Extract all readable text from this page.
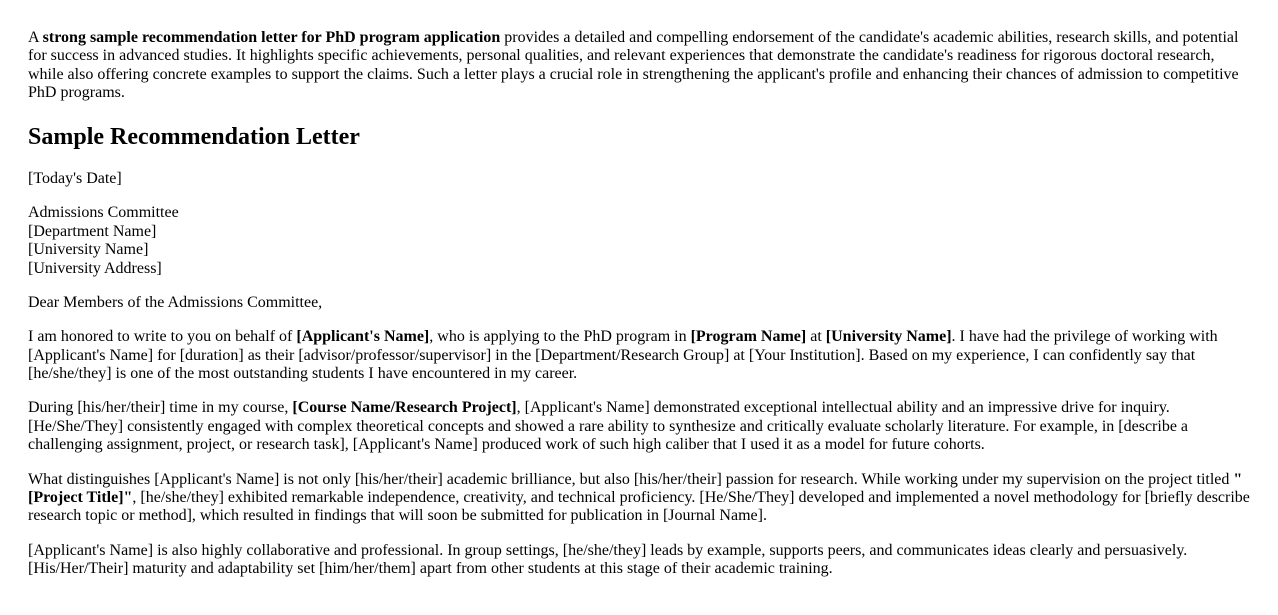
A strong sample recommendation letter for PhD program application provides a detailed and compelling endorsement of the candidate's academic abilities, research skills, and potential for success in advanced studies. It highlights specific achievements, personal qualities, and relevant experiences that demonstrate the candidate's readiness for rigorous doctoral research, while also offering concrete examples to support the claims. Such a letter plays a crucial role in strengthening the applicant's profile and enhancing their chances of admission to competitive PhD programs.

Sample Recommendation Letter

[Today's Date]

Admissions Committee
[Department Name]
[University Name]
[University Address]

Dear Members of the Admissions Committee,

I am honored to write to you on behalf of [Applicant's Name], who is applying to the PhD program in [Program Name] at [University Name]. I have had the privilege of working with [Applicant's Name] for [duration] as their [advisor/professor/supervisor] in the [Department/Research Group] at [Your Institution]. Based on my experience, I can confidently say that [he/she/they] is one of the most outstanding students I have encountered in my career.

During [his/her/their] time in my course, [Course Name/Research Project], [Applicant's Name] demonstrated exceptional intellectual ability and an impressive drive for inquiry. [He/She/They] consistently engaged with complex theoretical concepts and showed a rare ability to synthesize and critically evaluate scholarly literature. For example, in [describe a challenging assignment, project, or research task], [Applicant's Name] produced work of such high caliber that I used it as a model for future cohorts.

What distinguishes [Applicant's Name] is not only [his/her/their] academic brilliance, but also [his/her/their] passion for research. While working under my supervision on the project titled "[Project Title]", [he/she/they] exhibited remarkable independence, creativity, and technical proficiency. [He/She/They] developed and implemented a novel methodology for [briefly describe research topic or method], which resulted in findings that will soon be submitted for publication in [Journal Name].

[Applicant's Name] is also highly collaborative and professional. In group settings, [he/she/they] leads by example, supports peers, and communicates ideas clearly and persuasively. [His/Her/Their] maturity and adaptability set [him/her/them] apart from other students at this stage of their academic training.
